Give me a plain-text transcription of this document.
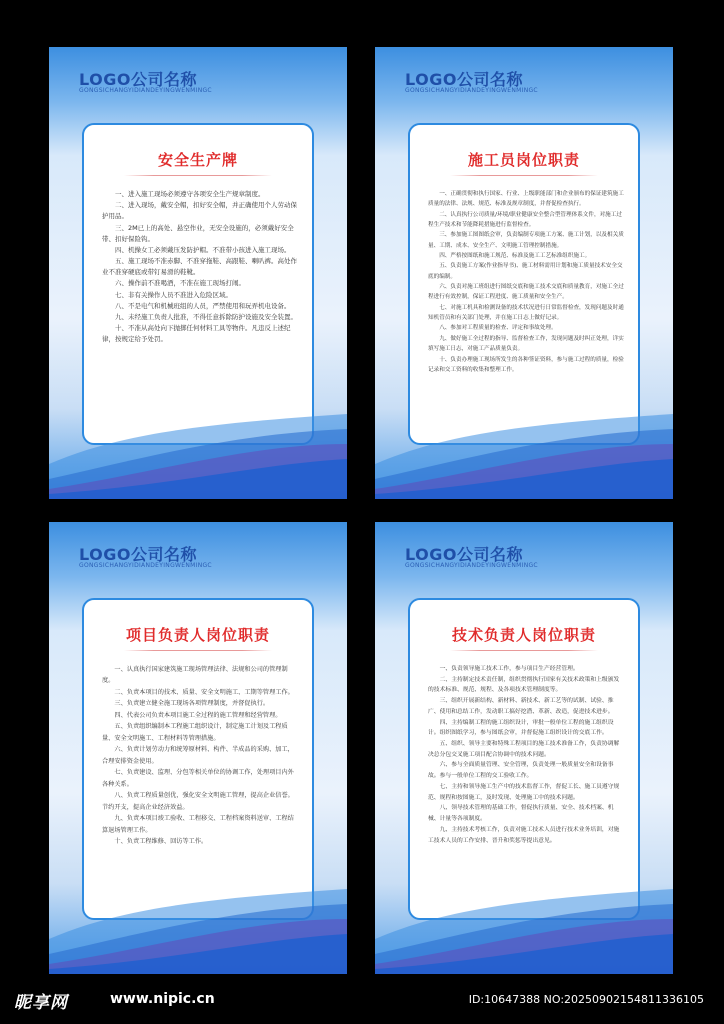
LOGO公司名称
GONGSICHANGYIDIANDEYINGWENMINGC
安全生产牌

一、进入施工现场必须遵守各项安全生产规章制度。

二、进入现场，戴安全帽，扣好安全帽，并正确使用个人劳动保护用品。

三、2M已上的高处、悬空作业，无安全设施的，必须戴好安全带、扣好保险钩。

四、机操女工必须戴压发防护帽。不准带小孩进入施工现场。

五、施工现场不准赤脚、不准穿拖鞋、高跟鞋、喇叭裤。高处作业不准穿硬底或带钉易滑的鞋靴。

六、操作前不准喝酒，不准在施工现场打闹。

七、非有关操作人员不准进入危险区域。

八、不是电气和机械班组的人员，严禁使用和玩弄机电设备。

九、未经施工负责人批准，不得任意拆除防护设施及安全装置。

十、不准从高处向下抛掷任何材料工具等物件。凡违反上述纪律，按规定给予处罚。

LOGO公司名称
GONGSICHANGYIDIANDEYINGWENMINGC
施工员岗位职责

一、正确贯彻和执行国家、行业、上级职能部门和企业颁布的保证建筑施工质量的法律、法规、规范、标准及规章制度，并督促检查执行。

二、认真执行公司质量/环境/职业健康安全整合型管理体系文件，对施工过程生产技术和节能降耗措施进行监督检查。

三、参加施工图图纸会审，负责编制专项施工方案、施工计划，以及相关质量、工期、成本、安全生产、文明施工管理控制措施。

四、严格按图纸和施工规范、标准及施工工艺标准组织施工。

五、负责施工方案(作业指导书)、施工材料需用计划和施工质量技术安全交底的编制。

六、负责对施工班组进行图纸交底和施工技术交底和质量教育，对施工全过程进行有效控制，保证工程进度、施工质量和安全生产。

七、对施工机具和检测设备的技术状况进行日常监督检查，发现问题及时通知机管员和有关部门处理，并在施工日志上做好记录。

八、参加对工程质量的检查、评定和事故处理。

九、做好施工全过程的指导、监督检查工作，发现问题及时纠正处理，详实填写施工日志，对施工产品质量负责。

十、负责办理施工现场所发生的各种签证资料，参与施工过程的质量，检验记录和交工资料的收集和整理工作。

LOGO公司名称
GONGSICHANGYIDIANDEYINGWENMINGC
项目负责人岗位职责

一、认真执行国家建筑施工现场管理法律、法规和公司的管理制度。

二、负责本项目的技术、质量、安全文明施工、工期等管理工作。

三、负责建立健全施工现场各项管理制度，并督促执行。

四、代表公司负责本项目施工全过程的施工管理和经营管理。

五、负责组织编制本工程施工组织设计，制定施工计划及工程质量、安全文明施工、工程材料等管理措施。

六、负责计划劳动力和统筹原材料、构件、半成品的采购、加工，合理安排资金使用。

七、负责建设、监理、分包等相关单位的协调工作，处理项目内外各种关系。

八、负责工程质量创优，强化安全文明施工管理，提高企业信誉。节约开支，提高企业经济效益。

九、负责本项目竣工验收、工程移交、工程档案资料送审、工程结算退场管理工作。

十、负责工程维修、回访等工作。

LOGO公司名称
GONGSICHANGYIDIANDEYINGWENMINGC
技术负责人岗位职责

一、负责领导施工技术工作，参与项目生产经营管理。

二、主持制定技术责任制，组织贯彻执行国家有关技术政策和上级颁发的技术标准、规范、规程、及各项技术管理制度等。

三、组织开展新结构、新材料、新技术、新工艺等的试制、试验、推广、使用和总结工作，发动职工搞好挖潜、革新、改造，促进技术进步。

四、主持编制工程的施工组织设计，审批一般单位工程的施工组织设计。组织图纸学习，参与图纸会审，并督促施工组织设计的交底工作。

五、组织、领导主要和特殊工程项目的施工技术准备工作，负责协调解决总分包交叉施工项目配合协调中的技术问题。

六、参与全面质量管理、安全管理，负责处理一般质量安全和设备事故。参与一般单位工程的交工验收工作。

七、主持和领导施工生产中的技术监督工作，督促工长、施工员遵守规范、规程和按图施工，及时发现、处理施工中的技术问题。

八、领导技术管理的基础工作，督促执行质量、安全、技术档案、机械、计量等各项制度。

九、主持技术考核工作，负责对施工技术人员进行技术业务培训，对施工技术人员的工作安排、晋升和奖惩等提出意见。

昵享网	www.nipic.cn	ID:10647388 NO:20250902154811336105
